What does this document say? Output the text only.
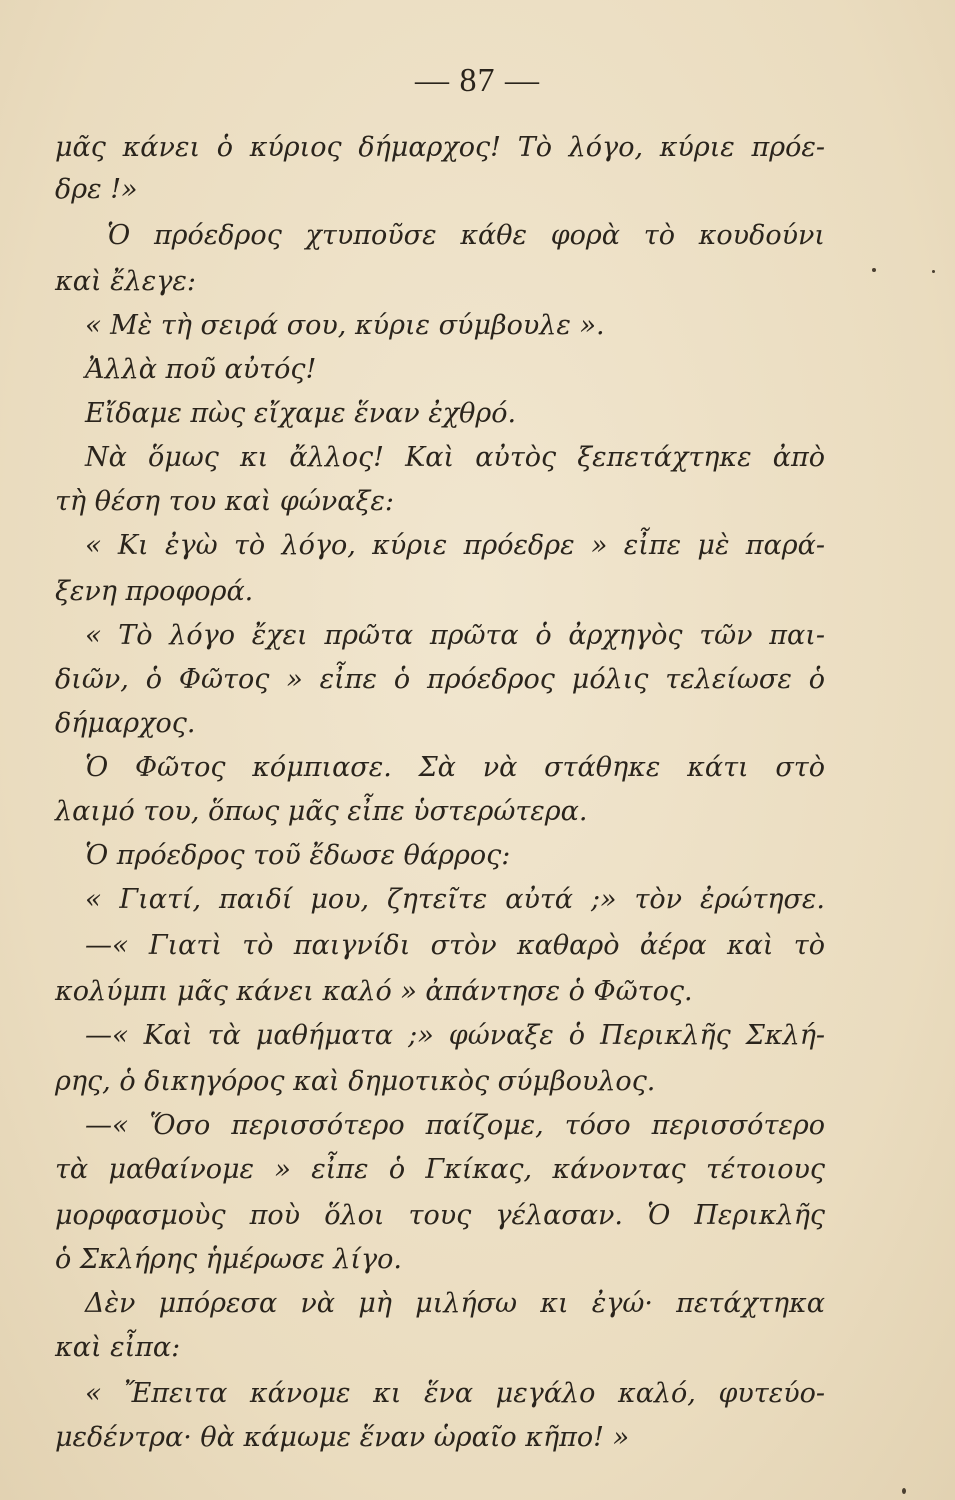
— 87 —
μᾶς κάνει ὁ κύριος δήμαρχος! Τὸ λόγο, κύριε πρόε-
δρε !»
Ὁ πρόεδρος χτυποῦσε κάθε φορὰ τὸ κουδούνι
καὶ ἔλεγε:
« Μὲ τὴ σειρά σου, κύριε σύμβουλε ».
Ἀλλὰ ποῦ αὐτός!
Εἴδαμε πὼς εἴχαμε ἕναν ἐχθρό.
Νὰ ὅμως κι ἄλλος! Καὶ αὐτὸς ξεπετάχτηκε ἀπὸ
τὴ θέση του καὶ φώναξε:
« Κι ἐγὼ τὸ λόγο, κύριε πρόεδρε » εἶπε μὲ παρά-
ξενη προφορά.
« Τὸ λόγο ἔχει πρῶτα πρῶτα ὁ ἀρχηγὸς τῶν παι-
διῶν, ὁ Φῶτος » εἶπε ὁ πρόεδρος μόλις τελείωσε ὁ
δήμαρχος.
Ὁ Φῶτος κόμπιασε. Σὰ νὰ στάθηκε κάτι στὸ
λαιμό του, ὅπως μᾶς εἶπε ὑστερώτερα.
Ὁ πρόεδρος τοῦ ἔδωσε θάρρος:
« Γιατί, παιδί μου, ζητεῖτε αὐτά ;» τὸν ἐρώτησε.
—« Γιατὶ τὸ παιγνίδι στὸν καθαρὸ ἀέρα καὶ τὸ
κολύμπι μᾶς κάνει καλό » ἀπάντησε ὁ Φῶτος.
—« Καὶ τὰ μαθήματα ;» φώναξε ὁ Περικλῆς Σκλή-
ρης, ὁ δικηγόρος καὶ δημοτικὸς σύμβουλος.
—« Ὅσο περισσότερο παίζομε, τόσο περισσότερο
τὰ μαθαίνομε » εἶπε ὁ Γκίκας, κάνοντας τέτοιους
μορφασμοὺς ποὺ ὅλοι τους γέλασαν. Ὁ Περικλῆς
ὁ Σκλήρης ἡμέρωσε λίγο.
Δὲν μπόρεσα νὰ μὴ μιλήσω κι ἐγώ· πετάχτηκα
καὶ εἶπα:
« Ἔπειτα κάνομε κι ἕνα μεγάλο καλό, φυτεύο-
μεδέντρα· θὰ κάμωμε ἕναν ὡραῖο κῆπο! »
